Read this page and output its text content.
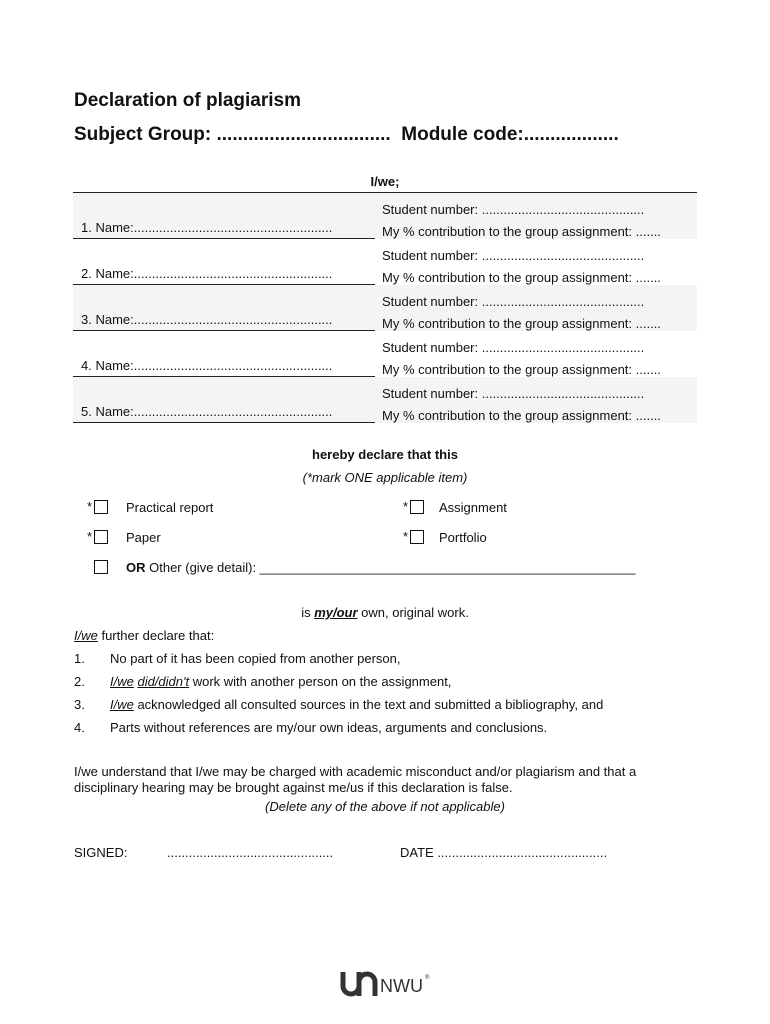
Declaration of plagiarism
Subject Group: ................................. Module code:..................
I/we;
1. Name:.......................................................
Student number: .............................................
My % contribution to the group assignment: .......
2. Name:.......................................................
Student number: .............................................
My % contribution to the group assignment: .......
3. Name:.......................................................
Student number: .............................................
My % contribution to the group assignment: .......
4. Name:.......................................................
Student number: .............................................
My % contribution to the group assignment: .......
5. Name:.......................................................
Student number: .............................................
My % contribution to the group assignment: .......
hereby declare that this
(*mark ONE applicable item)
*	Practical report	* Assignment
*	Paper	* Portfolio
OR Other (give detail): ____________________________________________________
is my/our own, original work.
I/we further declare that:
1. No part of it has been copied from another person,
2. I/we did/didn't work with another person on the assignment,
3. I/we acknowledged all consulted sources in the text and submitted a bibliography, and
4. Parts without references are my/our own ideas, arguments and conclusions.
I/we understand that I/we may be charged with academic misconduct and/or plagiarism and that a
disciplinary hearing may be brought against me/us if this declaration is false.
(Delete any of the above if not applicable)
SIGNED:	..............................................	DATE ...............................................
NWU ®
